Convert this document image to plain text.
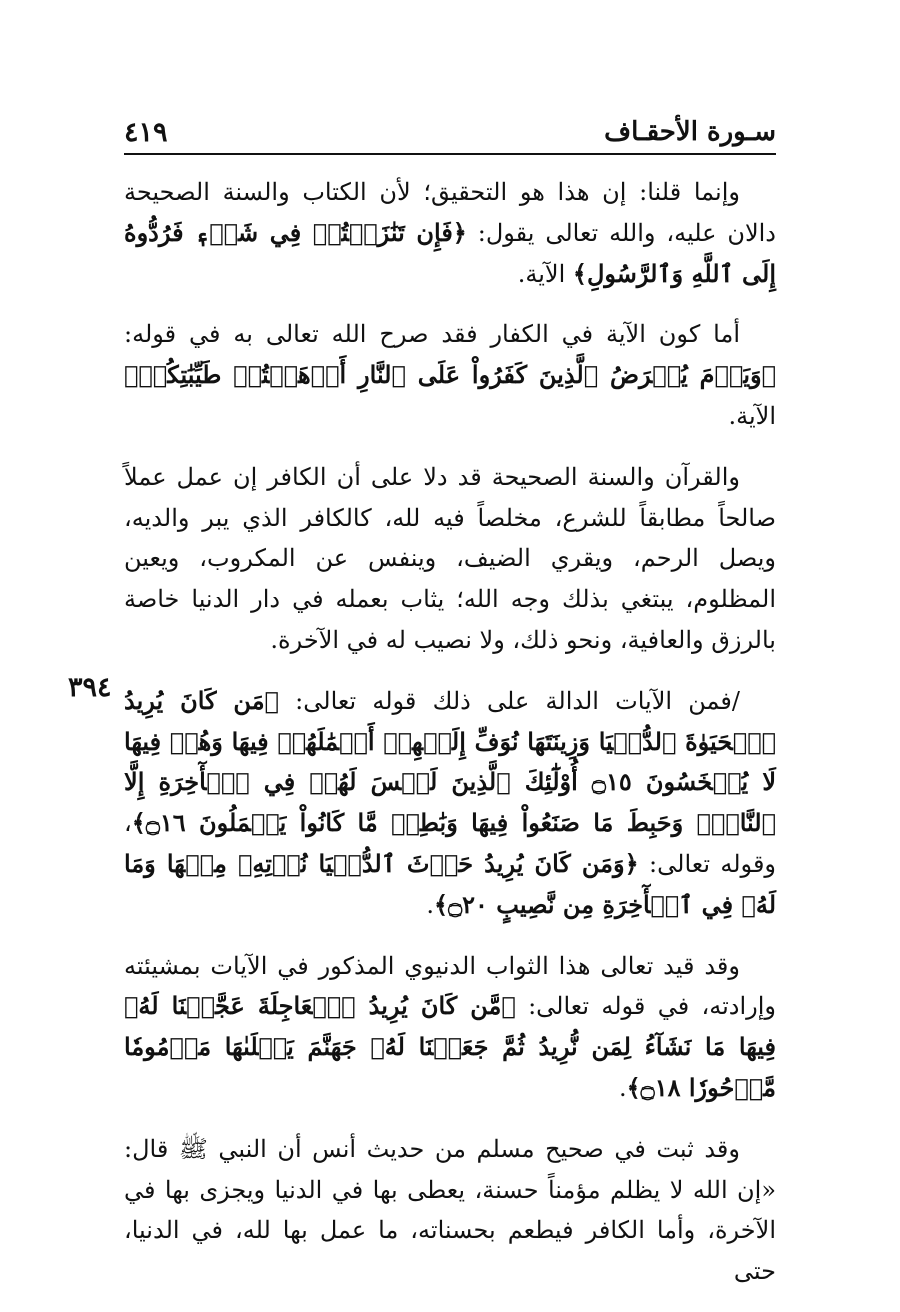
سـورة الأحقـاف
٤١٩
٣٩٤

وإنما قلنا: إن هذا هو التحقيق؛ لأن الكتاب والسنة الصحيحة دالان عليه، والله تعالى يقول: ﴿فَإِن تَنَٰزَعۡتُمۡ فِي شَيۡءٖ فَرُدُّوهُ إِلَى ٱللَّهِ وَٱلرَّسُولِ﴾ الآية.

أما كون الآية في الكفار فقد صرح الله تعالى به في قوله: ﴿وَيَوۡمَ يُعۡرَضُ ٱلَّذِينَ كَفَرُواْ عَلَى ٱلنَّارِ أَذۡهَبۡتُمۡ طَيِّبَٰتِكُمۡ﴾ الآية.

والقرآن والسنة الصحيحة قد دلا على أن الكافر إن عمل عملاً صالحاً مطابقاً للشرع، مخلصاً فيه لله، كالكافر الذي يبر والديه، ويصل الرحم، ويقري الضيف، وينفس عن المكروب، ويعين المظلوم، يبتغي بذلك وجه الله؛ يثاب بعمله في دار الدنيا خاصة بالرزق والعافية، ونحو ذلك، ولا نصيب له في الآخرة.

/فمن الآيات الدالة على ذلك قوله تعالى: ﴿مَن كَانَ يُرِيدُ ٱلۡحَيَوٰةَ ٱلدُّنۡيَا وَزِينَتَهَا نُوَفِّ إِلَيۡهِمۡ أَعۡمَٰلَهُمۡ فِيهَا وَهُمۡ فِيهَا لَا يُبۡخَسُونَ ۝١٥ أُوْلَٰٓئِكَ ٱلَّذِينَ لَيۡسَ لَهُمۡ فِي ٱلۡأٓخِرَةِ إِلَّا ٱلنَّارُۖ وَحَبِطَ مَا صَنَعُواْ فِيهَا وَبَٰطِلٞ مَّا كَانُواْ يَعۡمَلُونَ ۝١٦﴾، وقوله تعالى: ﴿وَمَن كَانَ يُرِيدُ حَرۡثَ ٱلدُّنۡيَا نُؤۡتِهِۦ مِنۡهَا وَمَا لَهُۥ فِي ٱلۡأٓخِرَةِ مِن نَّصِيبٍ ۝٢٠﴾.

وقد قيد تعالى هذا الثواب الدنيوي المذكور في الآيات بمشيئته وإرادته، في قوله تعالى: ﴿مَّن كَانَ يُرِيدُ ٱلۡعَاجِلَةَ عَجَّلۡنَا لَهُۥ فِيهَا مَا نَشَآءُ لِمَن نُّرِيدُ ثُمَّ جَعَلۡنَا لَهُۥ جَهَنَّمَ يَصۡلَىٰهَا مَذۡمُومٗا مَّدۡحُورٗا ۝١٨﴾.

وقد ثبت في صحيح مسلم من حديث أنس أن النبي ﷺ قال: «إن الله لا يظلم مؤمناً حسنة، يعطى بها في الدنيا ويجزى بها في الآخرة، وأما الكافر فيطعم بحسناته، ما عمل بها لله، في الدنيا، حتى
